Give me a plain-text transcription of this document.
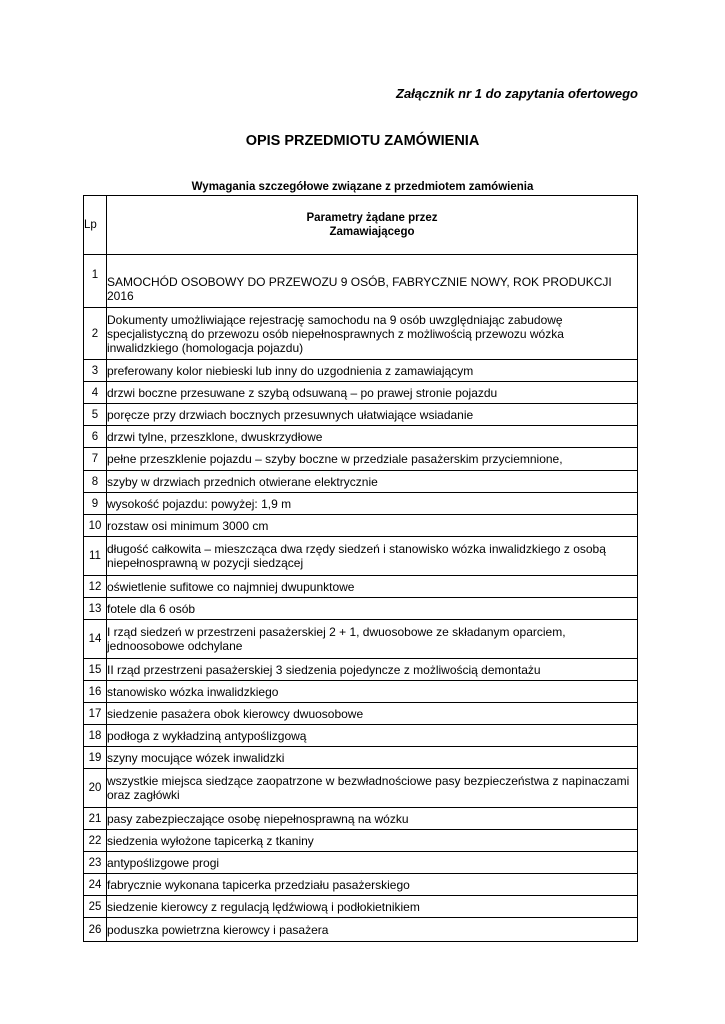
Załącznik nr 1 do zapytania ofertowego
OPIS PRZEDMIOTU ZAMÓWIENIA
Wymagania szczegółowe związane z przedmiotem zamówienia
Lp	Parametry żądane przez
Zamawiającego

1	SAMOCHÓD OSOBOWY DO PRZEWOZU 9 OSÓB, FABRYCZNIE NOWY, ROK PRODUKCJI 2016
2	Dokumenty umożliwiające rejestrację samochodu na 9 osób uwzględniając zabudowę specjalistyczną do przewozu osób niepełnosprawnych z możliwością przewozu wózka inwalidzkiego (homologacja pojazdu)
3	preferowany kolor niebieski lub inny do uzgodnienia z zamawiającym
4	drzwi boczne przesuwane z szybą odsuwaną – po prawej stronie pojazdu
5	poręcze przy drzwiach bocznych przesuwnych ułatwiające wsiadanie
6	drzwi tylne, przeszklone, dwuskrzydłowe
7	pełne przeszklenie pojazdu – szyby boczne w przedziale pasażerskim przyciemnione,
8	szyby w drzwiach przednich otwierane elektrycznie
9	wysokość pojazdu: powyżej: 1,9 m
10	rozstaw osi minimum 3000 cm
11	długość całkowita – mieszcząca dwa rzędy siedzeń i stanowisko wózka inwalidzkiego z osobą niepełnosprawną w pozycji siedzącej
12	oświetlenie sufitowe co najmniej dwupunktowe
13	fotele dla 6 osób
14	I rząd siedzeń w przestrzeni pasażerskiej 2 + 1, dwuosobowe ze składanym oparciem, jednoosobowe odchylane
15	II rząd przestrzeni pasażerskiej 3 siedzenia pojedyncze z możliwością demontażu
16	stanowisko wózka inwalidzkiego
17	siedzenie pasażera obok kierowcy dwuosobowe
18	podłoga z wykładziną antypoślizgową
19	szyny mocujące wózek inwalidzki
20	wszystkie miejsca siedzące zaopatrzone w bezwładnościowe pasy bezpieczeństwa z napinaczami oraz zagłówki
21	pasy zabezpieczające osobę niepełnosprawną na wózku
22	siedzenia wyłożone tapicerką z tkaniny
23	antypoślizgowe progi
24	fabrycznie wykonana tapicerka przedziału pasażerskiego
25	siedzenie kierowcy z regulacją lędźwiową i podłokietnikiem
26	poduszka powietrzna kierowcy i pasażera
